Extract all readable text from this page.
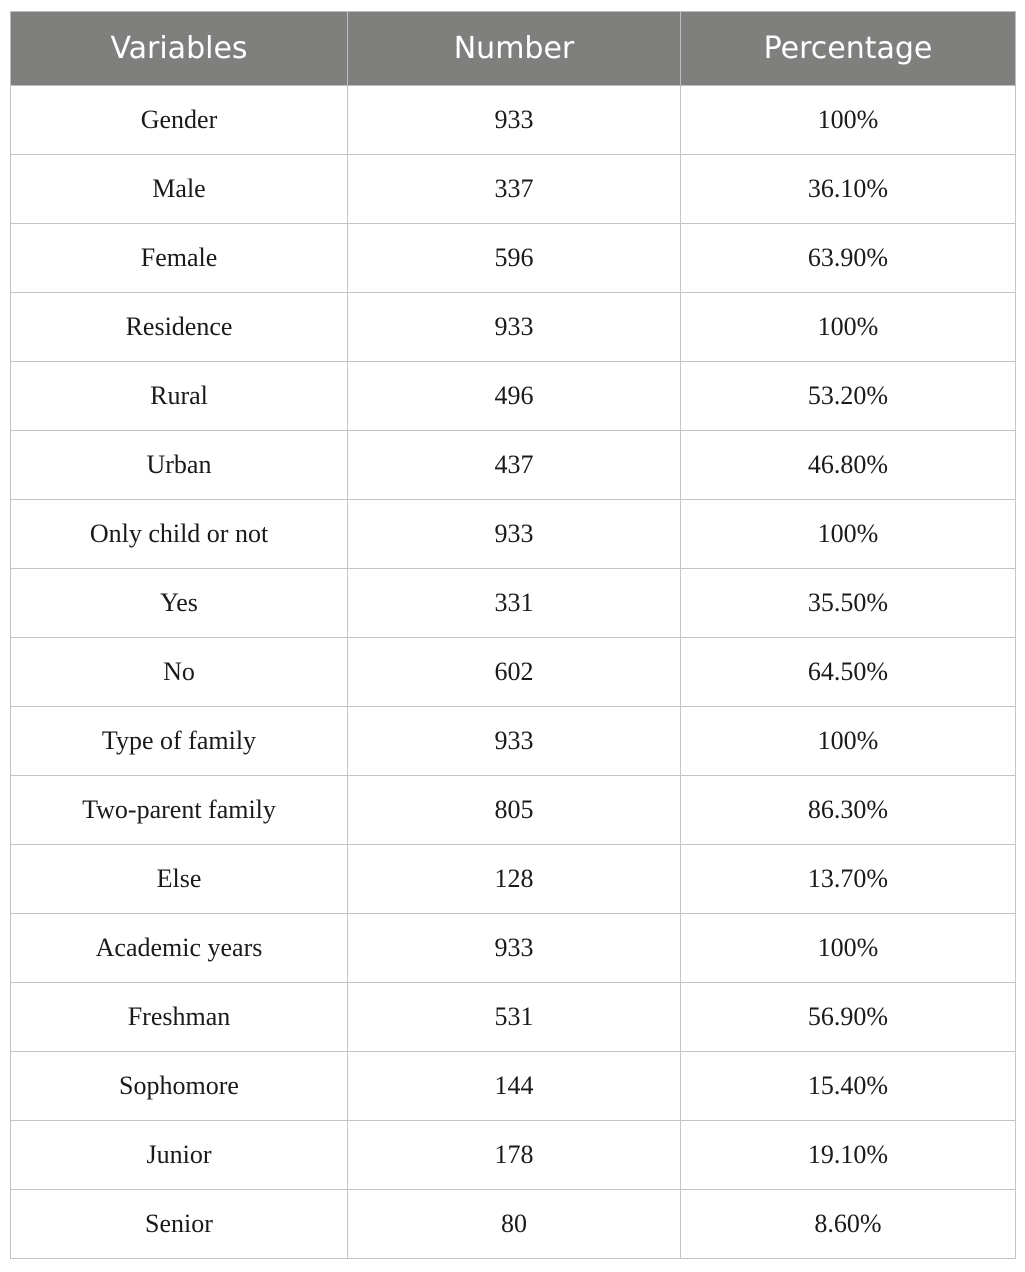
Variables	Number	Percentage
Gender	933	100%
Male	337	36.10%
Female	596	63.90%
Residence	933	100%
Rural	496	53.20%
Urban	437	46.80%
Only child or not	933	100%
Yes	331	35.50%
No	602	64.50%
Type of family	933	100%
Two-parent family	805	86.30%
Else	128	13.70%
Academic years	933	100%
Freshman	531	56.90%
Sophomore	144	15.40%
Junior	178	19.10%
Senior	80	8.60%
